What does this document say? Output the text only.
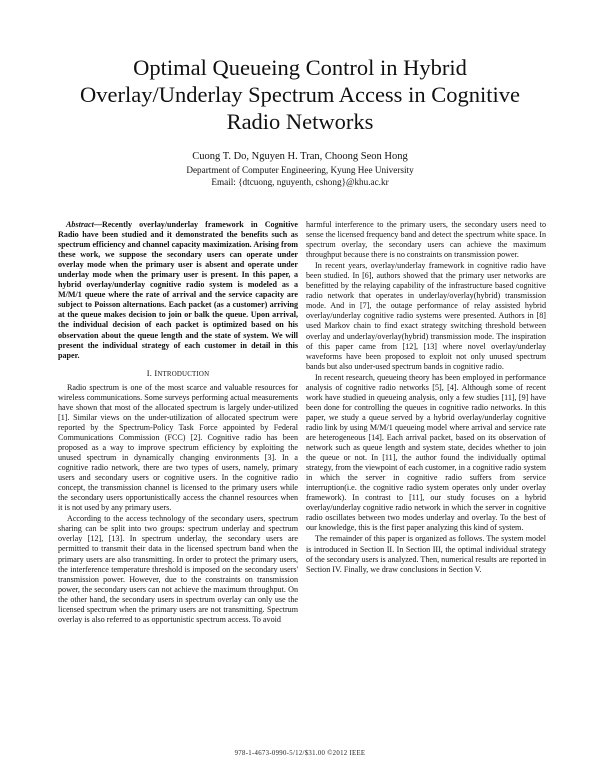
Optimal Queueing Control in Hybrid
Overlay/Underlay Spectrum Access in Cognitive
Radio Networks
Cuong T. Do, Nguyen H. Tran, Choong Seon Hong
Department of Computer Engineering, Kyung Hee University
Email: {dtcuong, nguyenth, cshong}@khu.ac.kr

Abstract—Recently overlay/underlay framework in Cognitive Radio have been studied and it demonstrated the benefits such as spectrum efficiency and channel capacity maximization. Arising from these work, we suppose the secondary users can operate under overlay mode when the primary user is absent and operate under underlay mode when the primary user is present. In this paper, a hybrid overlay/underlay cognitive radio system is modeled as a M/M/1 queue where the rate of arrival and the service capacity are subject to Poisson alternations. Each packet (as a customer) arriving at the queue makes decision to join or balk the queue. Upon arrival, the individual decision of each packet is optimized based on his observation about the queue length and the state of system. We will present the individual strategy of each customer in detail in this paper.

I. INTRODUCTION

Radio spectrum is one of the most scarce and valuable resources for wireless communications. Some surveys performing actual measurements have shown that most of the allocated spectrum is largely under-utilized [1]. Similar views on the under-utilization of allocated spectrum were reported by the Spectrum-Policy Task Force appointed by Federal Communications Commission (FCC) [2]. Cognitive radio has been proposed as a way to improve spectrum efficiency by exploiting the unused spectrum in dynamically changing environments [3]. In a cognitive radio network, there are two types of users, namely, primary users and secondary users or cognitive users. In the cognitive radio concept, the transmission channel is licensed to the primary users while the secondary users opportunistically access the channel resources when it is not used by any primary users.

According to the access technology of the secondary users, spectrum sharing can be split into two groups: spectrum underlay and spectrum overlay [12], [13]. In spectrum underlay, the secondary users are permitted to transmit their data in the licensed spectrum band when the primary users are also transmitting. In order to protect the primary users, the interference temperature threshold is imposed on the secondary users' transmission power. However, due to the constraints on transmission power, the secondary users can not achieve the maximum throughput. On the other hand, the secondary users in spectrum overlay can only use the licensed spectrum when the primary users are not transmitting. Spectrum overlay is also referred to as opportunistic spectrum access. To avoid

harmful interference to the primary users, the secondary users need to sense the licensed frequency band and detect the spectrum white space. In spectrum overlay, the secondary users can achieve the maximum throughput because there is no constraints on transmission power.

In recent years, overlay/underlay framework in cognitive radio have been studied. In [6], authors showed that the primary user networks are benefitted by the relaying capability of the infrastructure based cognitive radio network that operates in underlay/overlay(hybrid) transmission mode. And in [7], the outage performance of relay assisted hybrid overlay/underlay cognitive radio systems were presented. Authors in [8] used Markov chain to find exact strategy switching threshold between overlay and underlay/overlay(hybrid) transmission mode. The inspiration of this paper came from [12], [13] where novel overlay/underlay waveforms have been proposed to exploit not only unused spectrum bands but also under-used spectrum bands in cognitive radio.

In recent research, queueing theory has been employed in performance analysis of cognitive radio networks [5], [4]. Although some of recent work have studied in queueing analysis, only a few studies [11], [9] have been done for controlling the queues in cognitive radio networks. In this paper, we study a queue served by a hybrid overlay/underlay cognitive radio link by using M/M/1 queueing model where arrival and service rate are heterogeneous [14]. Each arrival packet, based on its observation of network such as queue length and system state, decides whether to join the queue or not. In [11], the author found the individually optimal strategy, from the viewpoint of each customer, in a cognitive radio system in which the server in cognitive radio suffers from service interruption(i.e. the cognitive radio system operates only under overlay framework). In contrast to [11], our study focuses on a hybrid overlay/underlay cognitive radio network in which the server in cognitive radio oscillates between two modes underlay and overlay. To the best of our knowledge, this is the first paper analyzing this kind of system.

The remainder of this paper is organized as follows. The system model is introduced in Section II. In Section III, the optimal individual strategy of the secondary users is analyzed. Then, numerical results are reported in Section IV. Finally, we draw conclusions in Section V.

978-1-4673-0990-5/12/$31.00 ©2012 IEEE
